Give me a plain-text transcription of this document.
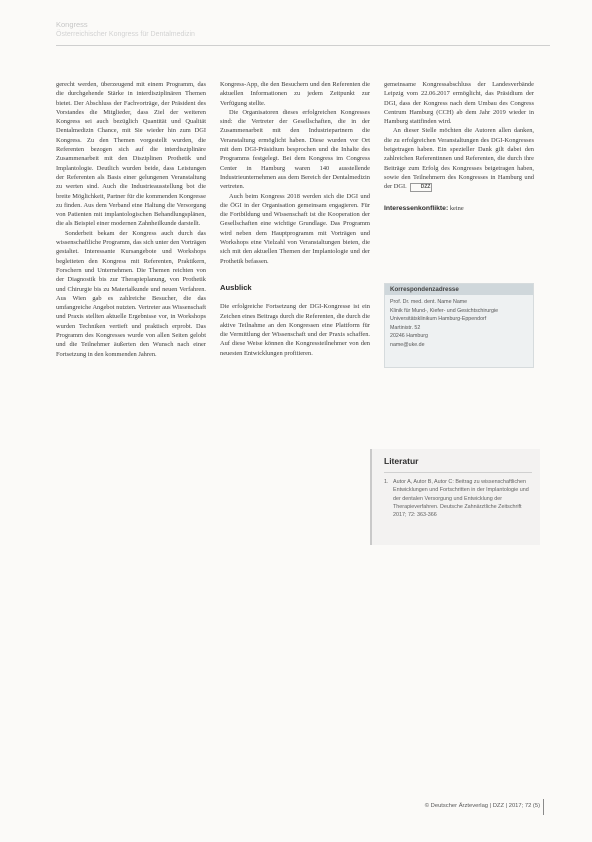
Kongress
Österreichischer Kongress für Dentalmedizin

gerecht werden, überzeugend mit einem Programm, das die durchgehende Stärke in interdisziplinären Themen bietet. Der Abschluss der Fachvorträge, der Präsident des Vorstandes die Mitglieder, dass Ziel der weiteren Kongress sei auch bezüglich Quantität und Qualität Dentalmedizin Chance, mit Sie wieder hin zum DGI Kongress. Zu den Themen vorgestellt wurden, die Referenten bezogen sich auf die interdisziplinäre Zusammenarbeit mit den Disziplinen Prothetik und Implantologie. Deutlich wurden beide, dass Leistungen der Referenten als Basis einer gelungenen Veranstaltung zu werten sind. Auch die Industrieausstellung bot die breite Möglichkeit, Partner für die kommenden Kongresse zu finden. Aus dem Verband eine Haltung die Versorgung von Patienten mit implantologischen Behandlungsplänen, die als Beispiel einer modernen Zahnheilkunde darstellt.

Sonderbeit bekam der Kongress auch durch das wissenschaftliche Programm, das sich unter den Vorträgen gestaltet. Interessante Kursangebote und Workshops begleiteten den Kongress mit Referenten, Praktikern, Forschern und Unternehmen. Die Themen reichten von der Diagnostik bis zur Therapieplanung, von Prothetik und Chirurgie bis zu Materialkunde und neuen Verfahren. Aus Wien gab es zahlreiche Besucher, die das umfangreiche Angebot nutzten. Vertreter aus Wissenschaft und Praxis stellten aktuelle Ergebnisse vor, in Workshops wurden Techniken vertieft und praktisch erprobt. Das Programm des Kongresses wurde von allen Seiten gelobt und die Teilnehmer äußerten den Wunsch nach einer Fortsetzung in den kommenden Jahren.

Kongress-App, die den Besuchern und den Referenten die aktuellen Informationen zu jedem Zeitpunkt zur Verfügung stellte.

Die Organisatoren dieses erfolgreichen Kongresses sind: die Vertreter der Gesellschaften, die in der Zusammenarbeit mit den Industriepartnern die Veranstaltung ermöglicht haben. Diese wurden vor Ort mit dem DGI-Präsidium besprochen und die Inhalte des Programms festgelegt. Bei dem Kongress im Congress Center in Hamburg waren 140 ausstellende Industrieunternehmen aus dem Bereich der Dentalmedizin vertreten.

Auch beim Kongress 2018 werden sich die DGI und die ÖGI in der Organisation gemeinsam engagieren. Für die Fortbildung und Wissenschaft ist die Kooperation der Gesellschaften eine wichtige Grundlage. Das Programm wird neben dem Hauptprogramm mit Vorträgen und Workshops eine Vielzahl von Veranstaltungen bieten, die sich mit den aktuellen Themen der Implantologie und der Prothetik befassen.

Ausblick

Die erfolgreiche Fortsetzung der DGI-Kongresse ist ein Zeichen eines Beitrags durch die Referenten, die durch die aktive Teilnahme an den Kongressen eine Plattform für die Vermittlung der Wissenschaft und der Praxis schaffen. Auf diese Weise können die Kongressteilnehmer von den neuesten Entwicklungen profitieren.

gemeinsame Kongressabschluss der Landesverbände Leipzig vom 22.06.2017 ermöglicht, das Präsidium der DGI, dass der Kongress nach dem Umbau des Congress Centrum Hamburg (CCH) ab dem Jahr 2019 wieder in Hamburg stattfinden wird.

An dieser Stelle möchten die Autoren allen danken, die zu erfolgreichen Veranstaltungen des DGI-Kongresses beigetragen haben. Ein spezieller Dank gilt dabei den zahlreichen Referentinnen und Referenten, die durch ihre Beiträge zum Erfolg des Kongresses beigetragen haben, sowie den Teilnehmern des Kongresses in Hamburg und der DGI.	DZZ

Interessenkonflikte: keine
Korrespondenzadresse
Prof. Dr. med. dent. Name Name
Klinik für Mund-, Kiefer- und Gesichtschirurgie
Universitätsklinikum Hamburg-Eppendorf
Martinistr. 52
20246 Hamburg
name@uke.de
Literatur
1. Autor A, Autor B, Autor C: Beitrag zu wissenschaftlichen Entwicklungen und Fortschritten in der Implantologie und der dentalen Versorgung und Entwicklung der Therapieverfahren. Deutsche Zahnärztliche Zeitschrift 2017; 72: 363-366
© Deutscher Ärzteverlag | DZZ | 2017; 72 (5)
